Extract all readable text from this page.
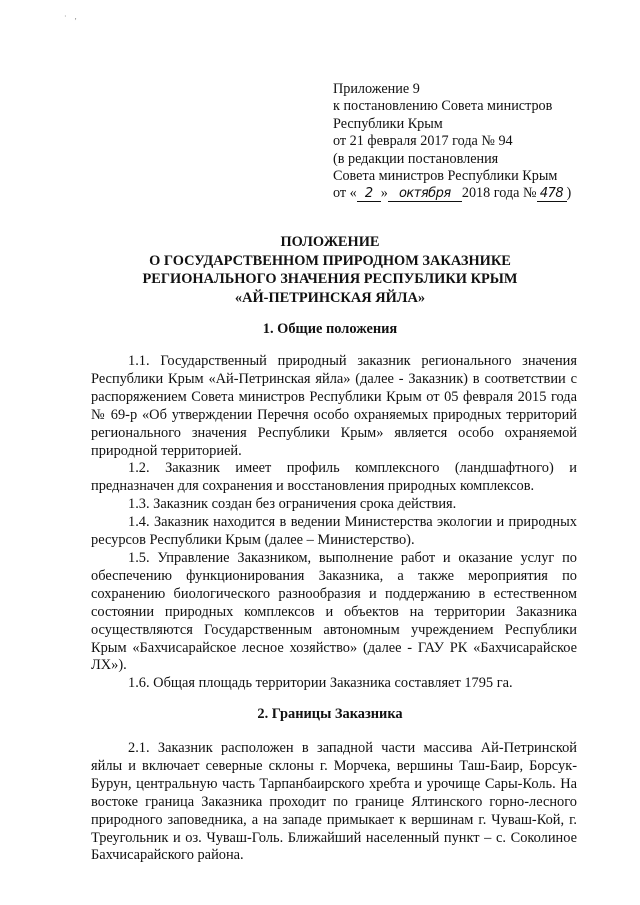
· ,
Приложение 9
к постановлению Совета министров
Республики Крым
от 21 февраля 2017 года № 94
(в редакции постановления
Совета министров Республики Крым
от « 2 » октября 2018 года № 478 )
ПОЛОЖЕНИЕ
О ГОСУДАРСТВЕННОМ ПРИРОДНОМ ЗАКАЗНИКЕ
РЕГИОНАЛЬНОГО ЗНАЧЕНИЯ РЕСПУБЛИКИ КРЫМ
«АЙ-ПЕТРИНСКАЯ ЯЙЛА»
1. Общие положения

1.1. Государственный природный заказник регионального значения Республики Крым «Ай-Петринская яйла» (далее - Заказник) в соответствии с распоряжением Совета министров Республики Крым от 05 февраля 2015 года № 69-р «Об утверждении Перечня особо охраняемых природных территорий регионального значения Республики Крым» является особо охраняемой природной территорией.

1.2. Заказник имеет профиль комплексного (ландшафтного) и предназначен для сохранения и восстановления природных комплексов.

1.3. Заказник создан без ограничения срока действия.

1.4. Заказник находится в ведении Министерства экологии и природных ресурсов Республики Крым (далее – Министерство).

1.5. Управление Заказником, выполнение работ и оказание услуг по обеспечению функционирования Заказника, а также мероприятия по сохранению биологического разнообразия и поддержанию в естественном состоянии природных комплексов и объектов на территории Заказника осуществляются Государственным автономным учреждением Республики Крым «Бахчисарайское лесное хозяйство» (далее - ГАУ РК «Бахчисарайское ЛХ»).

1.6. Общая площадь территории Заказника составляет 1795 га.

2. Границы Заказника

2.1. Заказник расположен в западной части массива Ай-Петринской яйлы и включает северные склоны г. Морчека, вершины Таш-Баир, Борсук-Бурун, центральную часть Тарпанбаирского хребта и урочище Сары-Коль. На востоке граница Заказника проходит по границе Ялтинского горно-лесного природного заповедника, а на западе примыкает к вершинам г. Чуваш-Кой, г. Треугольник и оз. Чуваш-Голь. Ближайший населенный пункт – с. Соколиное Бахчисарайского района.
